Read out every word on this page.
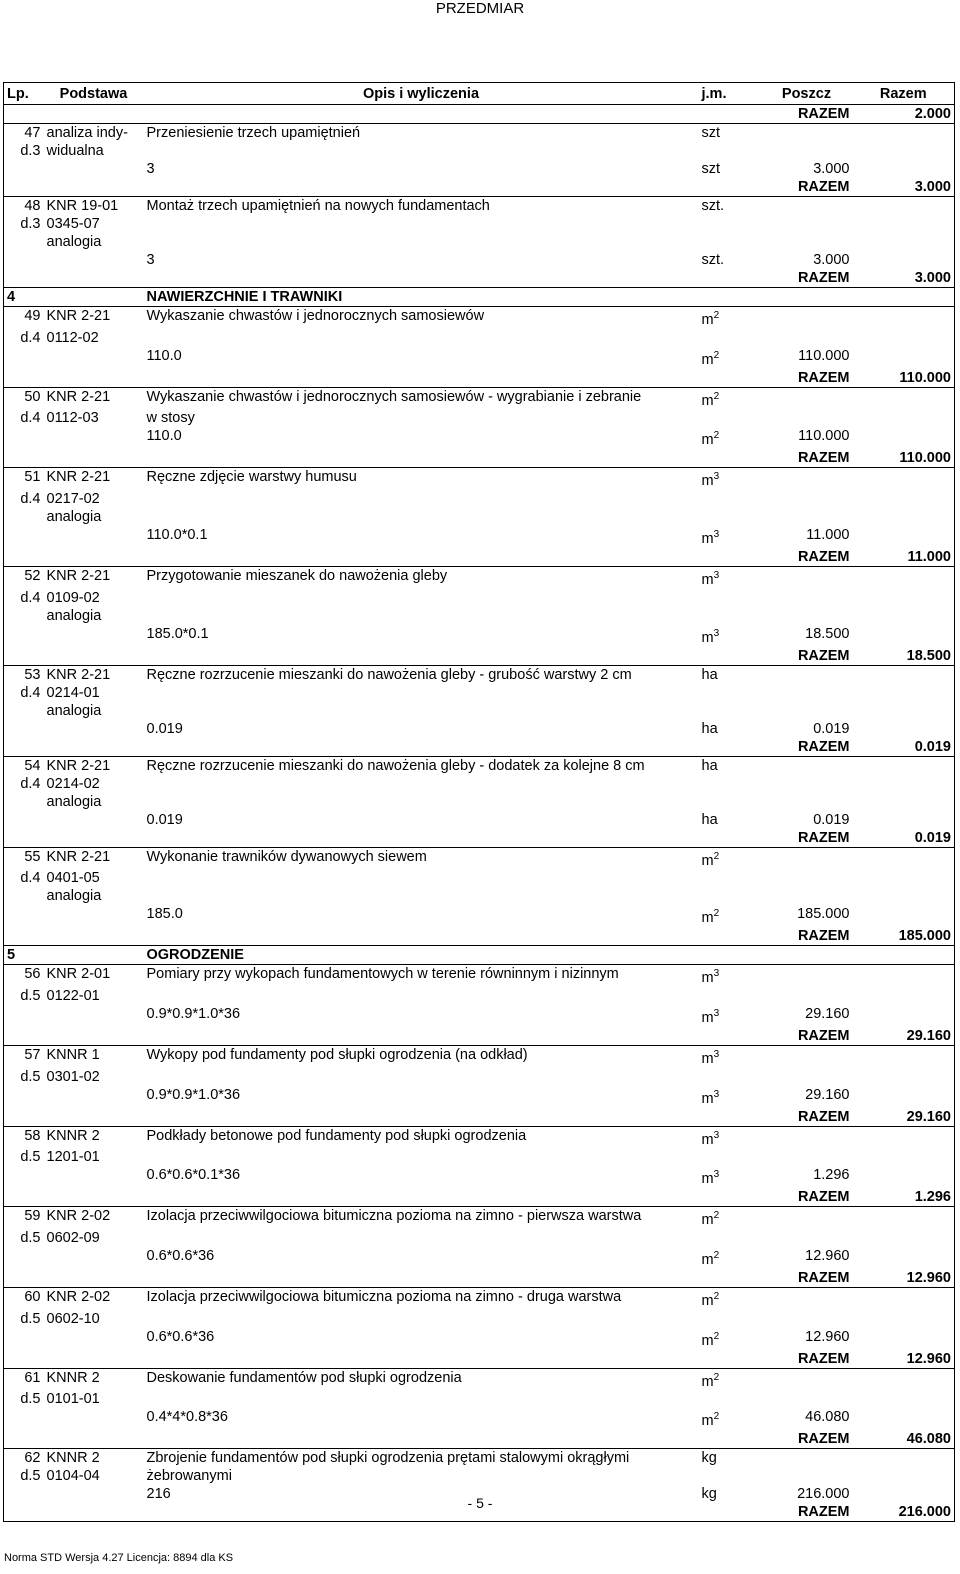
PRZEDMIAR
Lp.	Podstawa	Opis i wyliczenia	j.m.	Poszcz	Razem
				RAZEM	2.000
47	analiza indy-	Przeniesienie trzech upamiętnień	szt		
d.3	widualna				
		3	szt	3.000	
				RAZEM	3.000
48	KNR 19-01	Montaż trzech upamiętnień na nowych fundamentach	szt.		
d.3	0345-07				
	analogia				
		3	szt.	3.000	
				RAZEM	3.000
4		NAWIERZCHNIE I TRAWNIKI			
49	KNR 2-21	Wykaszanie chwastów i jednorocznych samosiewów	$m^2$		
d.4	0112-02				
		110.0	$m^2$	110.000	
				RAZEM	110.000
50	KNR 2-21	Wykaszanie chwastów i jednorocznych samosiewów - wygrabianie i zebranie	$m^2$		
d.4	0112-03	w stosy			
		110.0	$m^2$	110.000	
				RAZEM	110.000
51	KNR 2-21	Ręczne zdjęcie warstwy humusu	$m^3$		
d.4	0217-02				
	analogia				
		110.0*0.1	$m^3$	11.000	
				RAZEM	11.000
52	KNR 2-21	Przygotowanie mieszanek do nawożenia gleby	$m^3$		
d.4	0109-02				
	analogia				
		185.0*0.1	$m^3$	18.500	
				RAZEM	18.500
53	KNR 2-21	Ręczne rozrzucenie mieszanki do nawożenia gleby - grubość warstwy 2 cm	ha		
d.4	0214-01				
	analogia				
		0.019	ha	0.019	
				RAZEM	0.019
54	KNR 2-21	Ręczne rozrzucenie mieszanki do nawożenia gleby - dodatek za kolejne 8 cm	ha		
d.4	0214-02				
	analogia				
		0.019	ha	0.019	
				RAZEM	0.019
55	KNR 2-21	Wykonanie trawników dywanowych siewem	$m^2$		
d.4	0401-05				
	analogia				
		185.0	$m^2$	185.000	
				RAZEM	185.000
5		OGRODZENIE			
56	KNR 2-01	Pomiary przy wykopach fundamentowych w terenie równinnym i nizinnym	$m^3$		
d.5	0122-01				
		0.9*0.9*1.0*36	$m^3$	29.160	
				RAZEM	29.160
57	KNNR 1	Wykopy pod fundamenty pod słupki ogrodzenia (na odkład)	$m^3$		
d.5	0301-02				
		0.9*0.9*1.0*36	$m^3$	29.160	
				RAZEM	29.160
58	KNNR 2	Podkłady betonowe pod fundamenty pod słupki ogrodzenia	$m^3$		
d.5	1201-01				
		0.6*0.6*0.1*36	$m^3$	1.296	
				RAZEM	1.296
59	KNR 2-02	Izolacja przeciwwilgociowa bitumiczna pozioma na zimno - pierwsza warstwa	$m^2$		
d.5	0602-09				
		0.6*0.6*36	$m^2$	12.960	
				RAZEM	12.960
60	KNR 2-02	Izolacja przeciwwilgociowa bitumiczna pozioma na zimno - druga warstwa	$m^2$		
d.5	0602-10				
		0.6*0.6*36	$m^2$	12.960	
				RAZEM	12.960
61	KNNR 2	Deskowanie fundamentów pod słupki ogrodzenia	$m^2$		
d.5	0101-01				
		0.4*4*0.8*36	$m^2$	46.080	
				RAZEM	46.080
62	KNNR 2	Zbrojenie fundamentów pod słupki ogrodzenia prętami stalowymi okrągłymi	kg		
d.5	0104-04	żebrowanymi			
		216	kg	216.000	
				RAZEM	216.000
- 5 -
Norma STD Wersja 4.27 Licencja: 8894 dla KS
